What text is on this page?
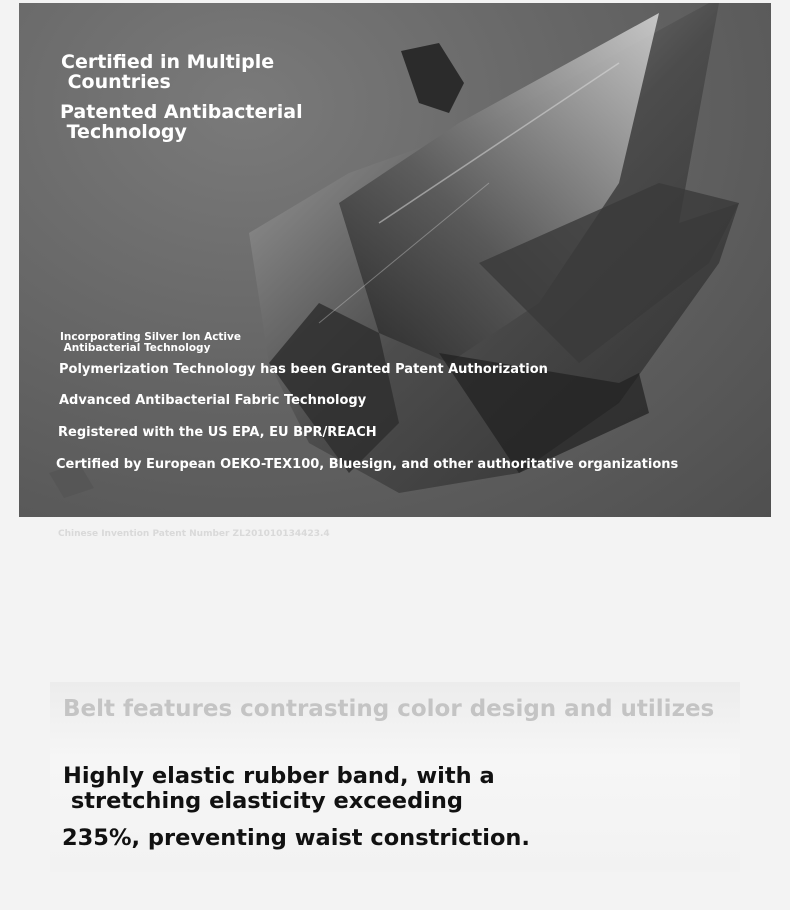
Certified in Multiple
Countries
Patented Antibacterial
Technology
Incorporating Silver Ion Active
Antibacterial Technology
Polymerization Technology has been Granted Patent Authorization
Advanced Antibacterial Fabric Technology
Registered with the US EPA, EU BPR/REACH
Certified by European OEKO-TEX100, Bluesign, and other authoritative organizations
Chinese Invention Patent Number ZL201010134423.4
Belt features contrasting color design and utilizes
Highly elastic rubber band, with a
stretching elasticity exceeding
235%, preventing waist constriction.
